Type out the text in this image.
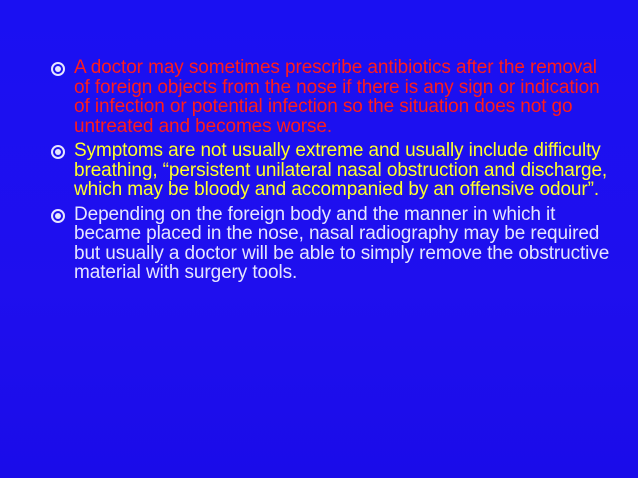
A doctor may sometimes prescribe antibiotics after the removal of foreign objects from the nose if there is any sign or indication of infection or potential infection so the situation does not go untreated and becomes worse.
Symptoms are not usually extreme and usually include difficulty breathing, “persistent unilateral nasal obstruction and discharge, which may be bloody and accompanied by an offensive odour”.
Depending on the foreign body and the manner in which it became placed in the nose, nasal radiography may be required but usually a doctor will be able to simply remove the obstructive material with surgery tools.
